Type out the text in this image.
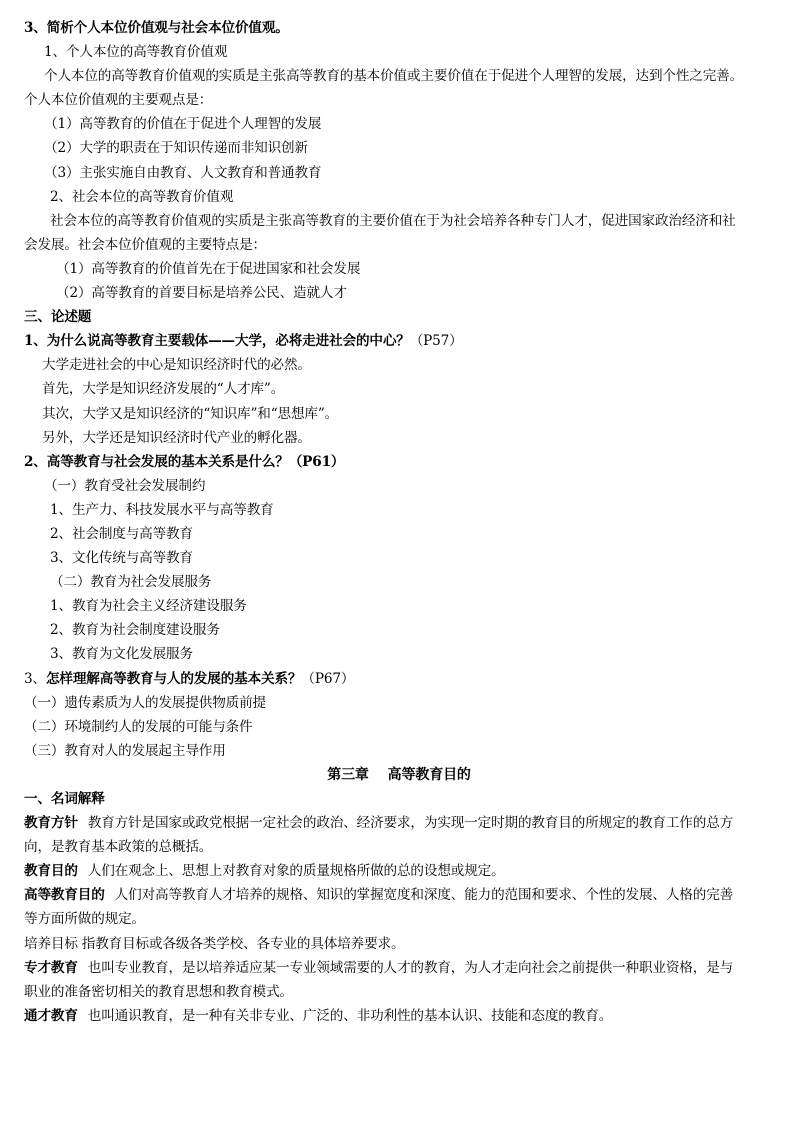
3、简析个人本位价值观与社会本位价值观。
1、个人本位的高等教育价值观
个人本位的高等教育价值观的实质是主张高等教育的基本价值或主要价值在于促进个人理智的发展，达到个性之完善。
个人本位价值观的主要观点是：
（1）高等教育的价值在于促进个人理智的发展
（2）大学的职责在于知识传递而非知识创新
（3）主张实施自由教育、人文教育和普通教育
2、社会本位的高等教育价值观
社会本位的高等教育价值观的实质是主张高等教育的主要价值在于为社会培养各种专门人才，促进国家政治经济和社
会发展。社会本位价值观的主要特点是：
（1）高等教育的价值首先在于促进国家和社会发展
（2）高等教育的首要目标是培养公民、造就人才
三、论述题
1、为什么说高等教育主要载体——大学，必将走进社会的中心？（P57）
大学走进社会的中心是知识经济时代的必然。
首先，大学是知识经济发展的“人才库”。
其次，大学又是知识经济的“知识库”和“思想库”。
另外，大学还是知识经济时代产业的孵化器。
2、高等教育与社会发展的基本关系是什么？（P61）
（一）教育受社会发展制约
1、生产力、科技发展水平与高等教育
2、社会制度与高等教育
3、文化传统与高等教育
（二）教育为社会发展服务
1、教育为社会主义经济建设服务
2、教育为社会制度建设服务
3、教育为文化发展服务
3、怎样理解高等教育与人的发展的基本关系？（P67）
（一）遗传素质为人的发展提供物质前提
（二）环境制约人的发展的可能与条件
（三）教育对人的发展起主导作用
第三章    高等教育目的
一、名词解释
教育方针 教育方针是国家或政党根据一定社会的政治、经济要求，为实现一定时期的教育目的所规定的教育工作的总方
向，是教育基本政策的总概括。
教育目的 人们在观念上、思想上对教育对象的质量规格所做的总的设想或规定。
高等教育目的 人们对高等教育人才培养的规格、知识的掌握宽度和深度、能力的范围和要求、个性的发展、人格的完善
等方面所做的规定。
培养目标 指教育目标或各级各类学校、各专业的具体培养要求。
专才教育 也叫专业教育，是以培养适应某一专业领域需要的人才的教育，为人才走向社会之前提供一种职业资格，是与
职业的准备密切相关的教育思想和教育模式。
通才教育 也叫通识教育，是一种有关非专业、广泛的、非功利性的基本认识、技能和态度的教育。
